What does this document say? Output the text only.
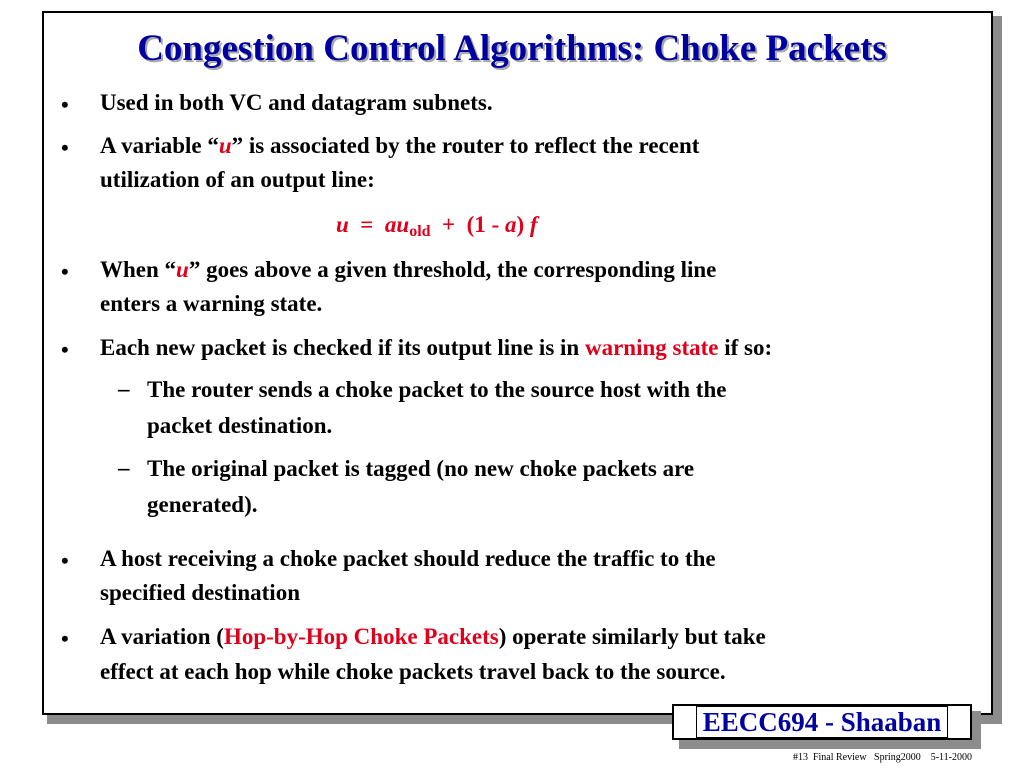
Congestion Control Algorithms: Choke Packets
• Used in both VC and datagram subnets.
• A variable “u” is associated by the router to reflect the recent
utilization of an output line:
$u = au_{old} + (1 - a)$ f
• When “u” goes above a given threshold, the corresponding line
enters a warning state.
• Each new packet is checked if its output line is in warning state if so:
– The router sends a choke packet to the source host with the
packet destination.
– The original packet is tagged (no new choke packets are
generated).
• A host receiving a choke packet should reduce the traffic to the
specified destination
• A variation (Hop-by-Hop Choke Packets) operate similarly but take
effect at each hop while choke packets travel back to the source.
EECC694 - Shaaban
#13  Final Review   Spring2000    5-11-2000
